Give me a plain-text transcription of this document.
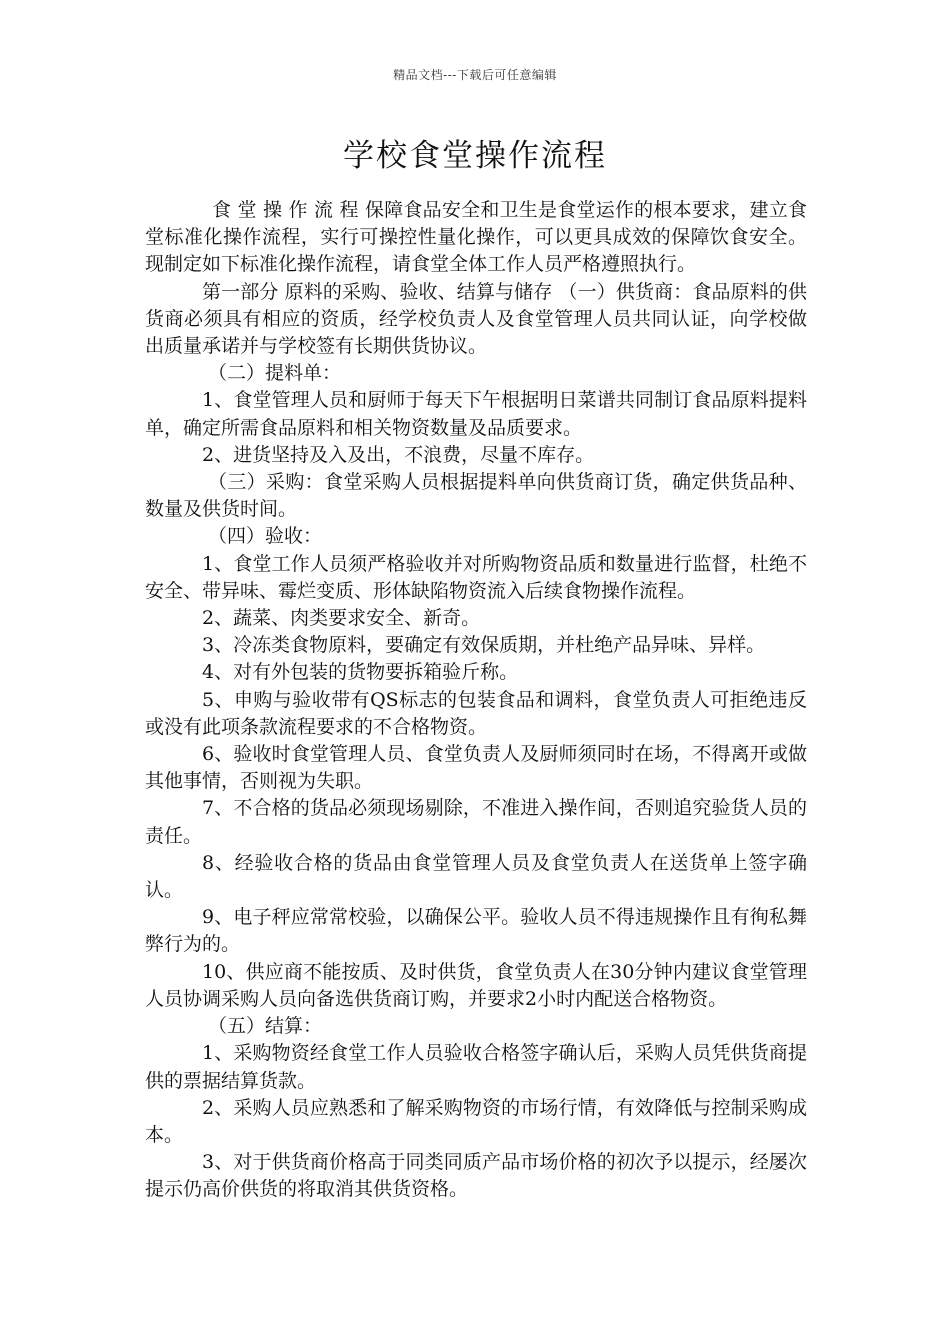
精品文档---下载后可任意编辑
学校食堂操作流程

食 堂 操 作 流 程 保障食品安全和卫生是食堂运作的根本要求，建立食堂标准化操作流程，实行可操控性量化操作，可以更具成效的保障饮食安全。现制定如下标准化操作流程，请食堂全体工作人员严格遵照执行。

第一部分 原料的采购、验收、结算与储存 （一）供货商：食品原料的供货商必须具有相应的资质，经学校负责人及食堂管理人员共同认证，向学校做出质量承诺并与学校签有长期供货协议。

（二）提料单：

1、食堂管理人员和厨师于每天下午根据明日菜谱共同制订食品原料提料单，确定所需食品原料和相关物资数量及品质要求。

2、进货坚持及入及出，不浪费，尽量不库存。

（三）采购：食堂采购人员根据提料单向供货商订货，确定供货品种、数量及供货时间。

（四）验收：

1、食堂工作人员须严格验收并对所购物资品质和数量进行监督，杜绝不安全、带异味、霉烂变质、形体缺陷物资流入后续食物操作流程。

2、蔬菜、肉类要求安全、新奇。

3、冷冻类食物原料，要确定有效保质期，并杜绝产品异味、异样。

4、对有外包装的货物要拆箱验斤称。

5、申购与验收带有QS标志的包装食品和调料，食堂负责人可拒绝违反或没有此项条款流程要求的不合格物资。

6、验收时食堂管理人员、食堂负责人及厨师须同时在场，不得离开或做其他事情，否则视为失职。

7、不合格的货品必须现场剔除，不准进入操作间，否则追究验货人员的责任。

8、经验收合格的货品由食堂管理人员及食堂负责人在送货单上签字确认。

9、电子秤应常常校验，以确保公平。验收人员不得违规操作且有徇私舞弊行为的。

10、供应商不能按质、及时供货，食堂负责人在30分钟内建议食堂管理人员协调采购人员向备选供货商订购，并要求2小时内配送合格物资。

（五）结算：

1、采购物资经食堂工作人员验收合格签字确认后，采购人员凭供货商提供的票据结算货款。

2、采购人员应熟悉和了解采购物资的市场行情，有效降低与控制采购成本。

3、对于供货商价格高于同类同质产品市场价格的初次予以提示，经屡次提示仍高价供货的将取消其供货资格。
